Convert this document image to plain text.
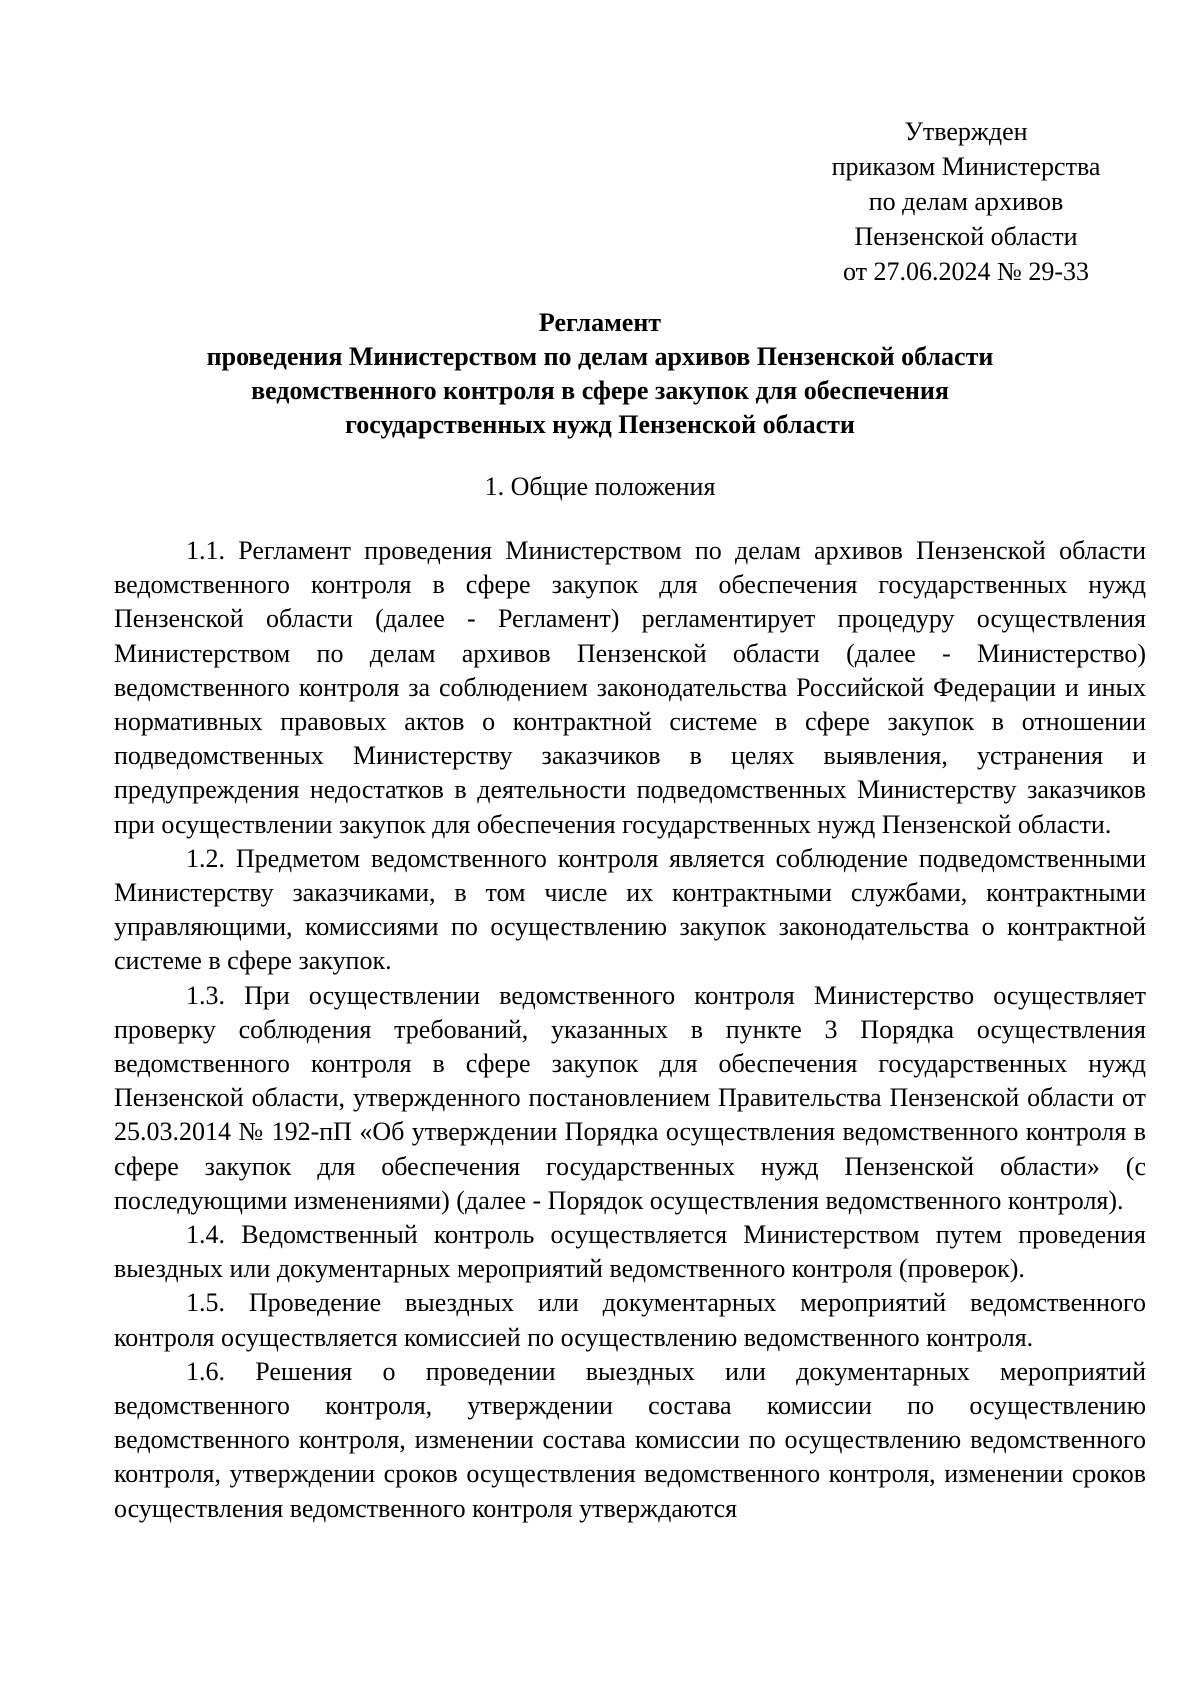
Утвержден
приказом Министерства
по делам архивов
Пензенской области
от 27.06.2024 № 29-33
Регламент
проведения Министерством по делам архивов Пензенской области
ведомственного контроля в сфере закупок для обеспечения
государственных нужд Пензенской области
1. Общие положения

1.1. Регламент проведения Министерством по делам архивов Пензенской области ведомственного контроля в сфере закупок для обеспечения государственных нужд Пензенской области (далее - Регламент) регламентирует процедуру осуществления Министерством по делам архивов Пензенской области (далее - Министерство) ведомственного контроля за соблюдением законодательства Российской Федерации и иных нормативных правовых актов о контрактной системе в сфере закупок в отношении подведомственных Министерству заказчиков в целях выявления, устранения и предупреждения недостатков в деятельности подведомственных Министерству заказчиков при осуществлении закупок для обеспечения государственных нужд Пензенской области.

1.2. Предметом ведомственного контроля является соблюдение подведомственными Министерству заказчиками, в том числе их контрактными службами, контрактными управляющими, комиссиями по осуществлению закупок законодательства о контрактной системе в сфере закупок.

1.3. При осуществлении ведомственного контроля Министерство осуществляет проверку соблюдения требований, указанных в пункте 3 Порядка осуществления ведомственного контроля в сфере закупок для обеспечения государственных нужд Пензенской области, утвержденного постановлением Правительства Пензенской области от 25.03.2014 № 192-пП «Об утверждении Порядка осуществления ведомственного контроля в сфере закупок для обеспечения государственных нужд Пензенской области» (с последующими изменениями) (далее - Порядок осуществления ведомственного контроля).

1.4. Ведомственный контроль осуществляется Министерством путем проведения выездных или документарных мероприятий ведомственного контроля (проверок).

1.5. Проведение выездных или документарных мероприятий ведомственного контроля осуществляется комиссией по осуществлению ведомственного контроля.

1.6. Решения о проведении выездных или документарных мероприятий ведомственного контроля, утверждении состава комиссии по осуществлению ведомственного контроля, изменении состава комиссии по осуществлению ведомственного контроля, утверждении сроков осуществления ведомственного контроля, изменении сроков осуществления ведомственного контроля утверждаются
